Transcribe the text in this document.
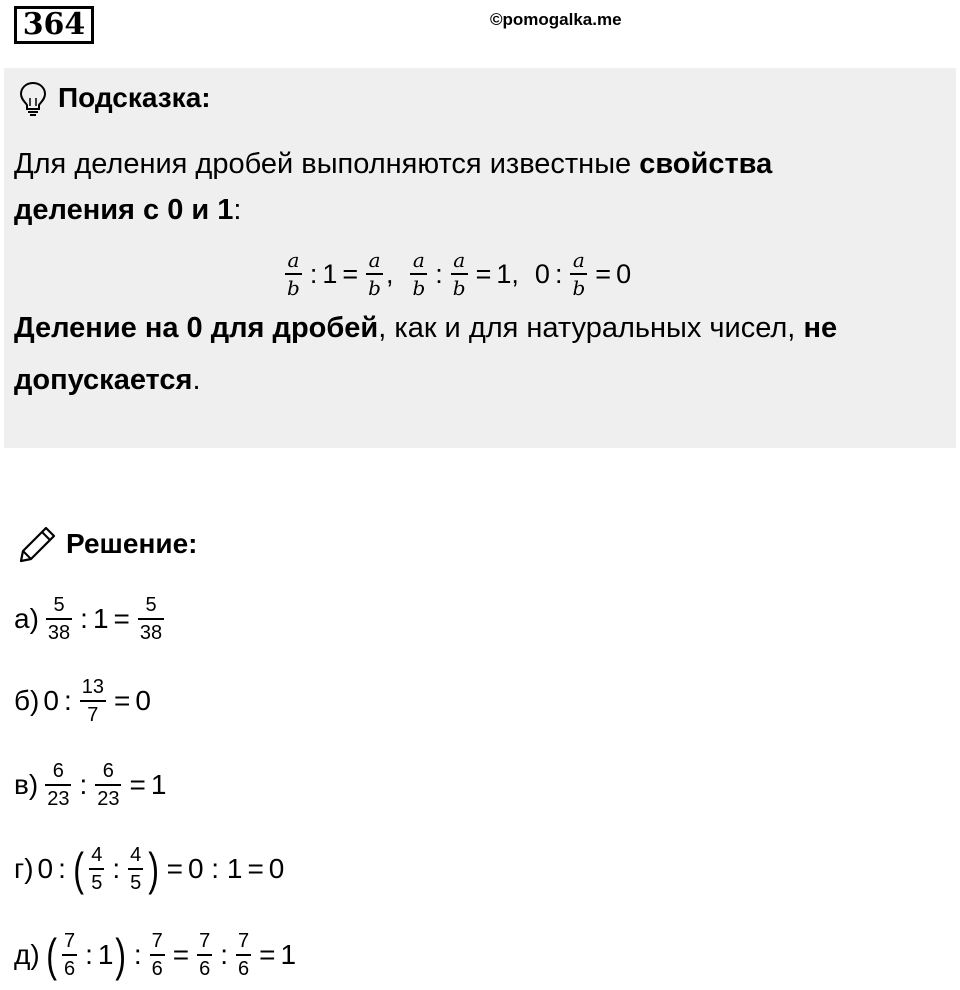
364	©pomogalka.me
Подсказка:
Для деления дробей выполняются известные свойства
деления с 0 и 1:
$\frac{a}{b}$ : $1 = \frac{a}{b}$ , $\frac{a}{b}$ : $\frac{a}{b} = 1$, 0 : $\frac{a}{b} = 0$
Деление на 0 для дробей, как и для натуральных чисел, не
допускается.
Решение:
$а) \frac{5}{38}$ : $1 = \frac{5}{38}$
б) 0 : $\frac{13}{7} = 0$
$в) \frac{6}{23}$ : $\frac{6}{23} = 1$
г) 0 : ( $\frac{4}{5}$ : $\frac{4}{5}$ ) = 0 : 1 = 0
д) ( $\frac{7}{6}$ : 1 ) : $\frac{7}{6} = \frac{7}{6}$ : $\frac{7}{6} = 1$
